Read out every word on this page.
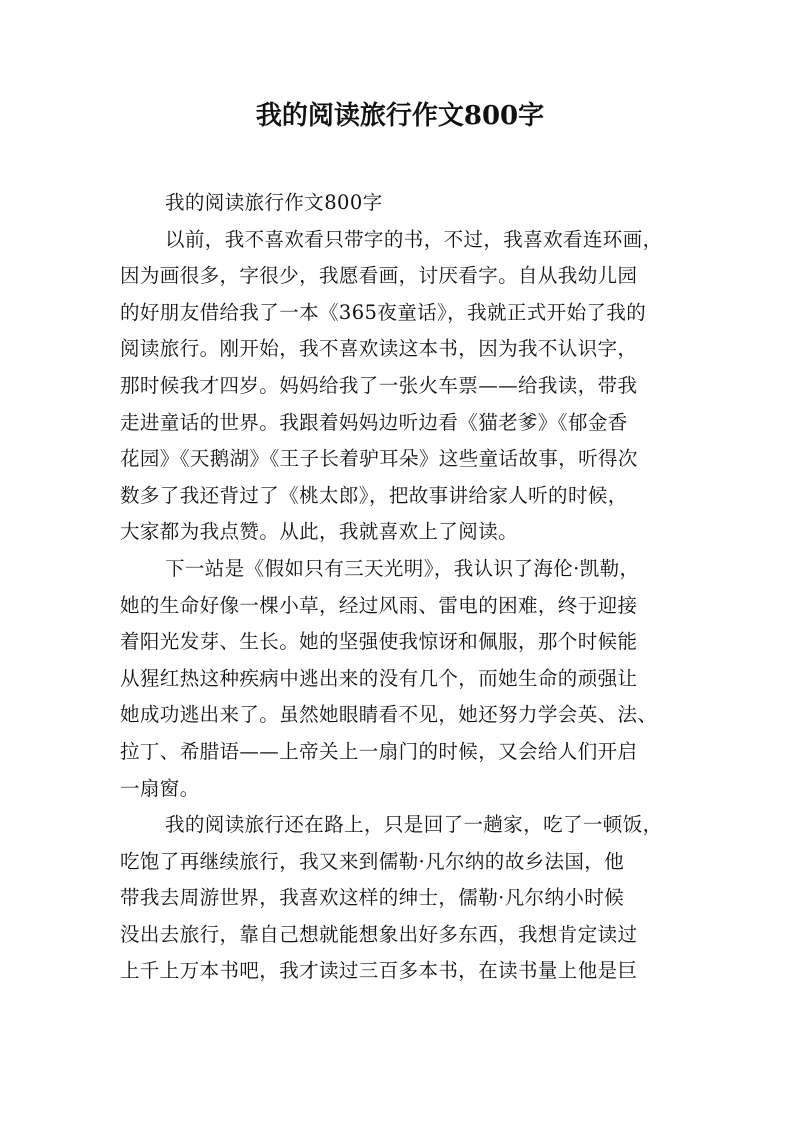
我的阅读旅行作文800字
我的阅读旅行作文800字
以前，我不喜欢看只带字的书，不过，我喜欢看连环画，
因为画很多，字很少，我愿看画，讨厌看字。自从我幼儿园
的好朋友借给我了一本《365夜童话》，我就正式开始了我的
阅读旅行。刚开始，我不喜欢读这本书，因为我不认识字，
那时候我才四岁。妈妈给我了一张火车票——给我读，带我
走进童话的世界。我跟着妈妈边听边看《猫老爹》《郁金香
花园》《天鹅湖》《王子长着驴耳朵》这些童话故事，听得次
数多了我还背过了《桃太郎》，把故事讲给家人听的时候，
大家都为我点赞。从此，我就喜欢上了阅读。
下一站是《假如只有三天光明》，我认识了海伦·凯勒，
她的生命好像一棵小草，经过风雨、雷电的困难，终于迎接
着阳光发芽、生长。她的坚强使我惊讶和佩服，那个时候能
从猩红热这种疾病中逃出来的没有几个，而她生命的顽强让
她成功逃出来了。虽然她眼睛看不见，她还努力学会英、法、
拉丁、希腊语——上帝关上一扇门的时候，又会给人们开启
一扇窗。
我的阅读旅行还在路上，只是回了一趟家，吃了一顿饭，
吃饱了再继续旅行，我又来到儒勒·凡尔纳的故乡法国，他
带我去周游世界，我喜欢这样的绅士，儒勒·凡尔纳小时候
没出去旅行，靠自己想就能想象出好多东西，我想肯定读过
上千上万本书吧，我才读过三百多本书，在读书量上他是巨
